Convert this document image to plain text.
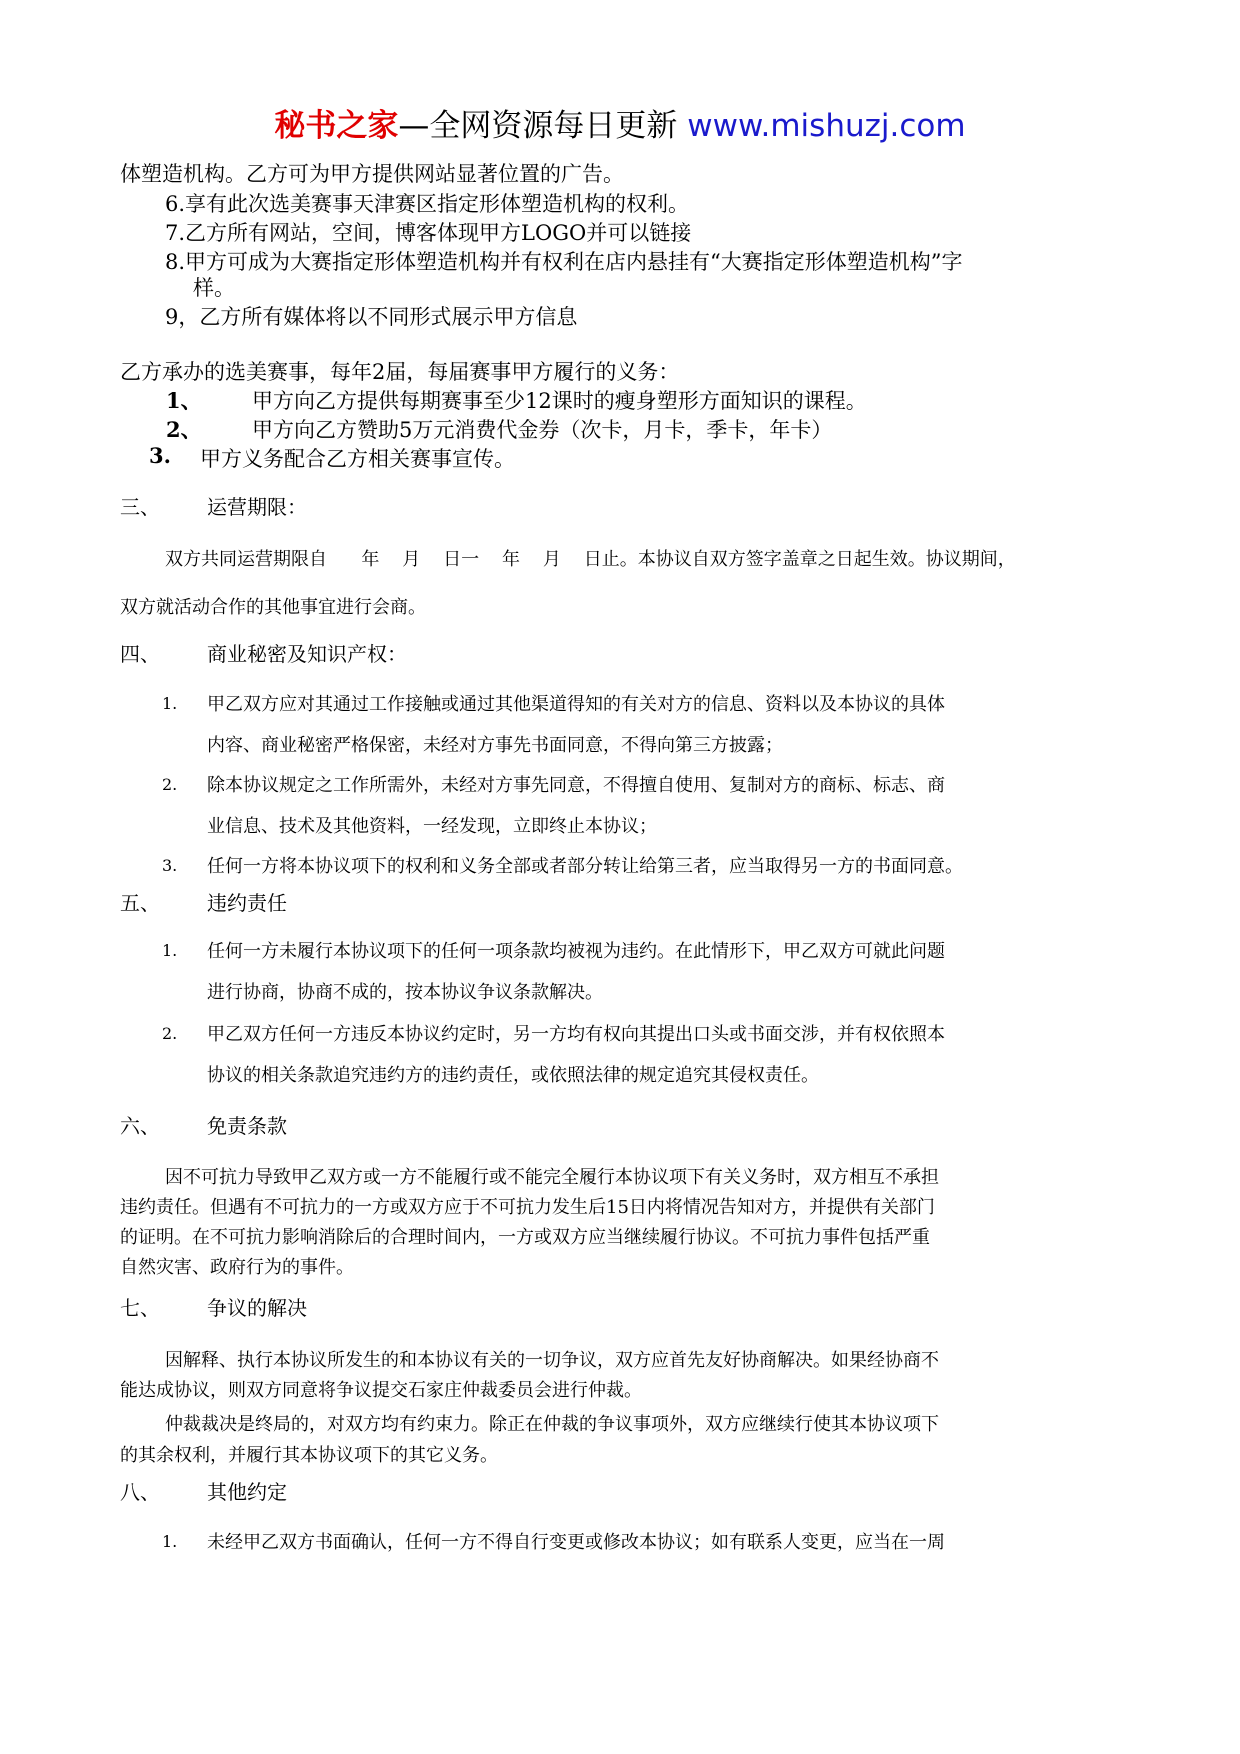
秘书之家—全网资源每日更新 www.mishuzj.com
体塑造机构。乙方可为甲方提供网站显著位置的广告。
6.享有此次选美赛事天津赛区指定形体塑造机构的权利。
7.乙方所有网站，空间，博客体现甲方LOGO并可以链接
8.甲方可成为大赛指定形体塑造机构并有权利在店内悬挂有“大赛指定形体塑造机构”字
样。
9，乙方所有媒体将以不同形式展示甲方信息
乙方承办的选美赛事，每年2届，每届赛事甲方履行的义务：
1、 甲方向乙方提供每期赛事至少12课时的瘦身塑形方面知识的课程。
2、 甲方向乙方赞助5万元消费代金券（次卡，月卡，季卡，年卡）
3. 甲方义务配合乙方相关赛事宣传。
三、 运营期限：
双方共同运营期限自      年    月    日一    年    月    日止。本协议自双方签字盖章之日起生效。协议期间，
双方就活动合作的其他事宜进行会商。
四、 商业秘密及知识产权：
1. 甲乙双方应对其通过工作接触或通过其他渠道得知的有关对方的信息、资料以及本协议的具体
内容、商业秘密严格保密，未经对方事先书面同意，不得向第三方披露；
2. 除本协议规定之工作所需外，未经对方事先同意，不得擅自使用、复制对方的商标、标志、商
业信息、技术及其他资料，一经发现，立即终止本协议；
3. 任何一方将本协议项下的权利和义务全部或者部分转让给第三者，应当取得另一方的书面同意。
五、 违约责任
1. 任何一方未履行本协议项下的任何一项条款均被视为违约。在此情形下，甲乙双方可就此问题
进行协商，协商不成的，按本协议争议条款解决。
2. 甲乙双方任何一方违反本协议约定时，另一方均有权向其提出口头或书面交涉，并有权依照本
协议的相关条款追究违约方的违约责任，或依照法律的规定追究其侵权责任。
六、 免责条款
因不可抗力导致甲乙双方或一方不能履行或不能完全履行本协议项下有关义务时，双方相互不承担
违约责任。但遇有不可抗力的一方或双方应于不可抗力发生后15日内将情况告知对方，并提供有关部门
的证明。在不可抗力影响消除后的合理时间内，一方或双方应当继续履行协议。不可抗力事件包括严重
自然灾害、政府行为的事件。
七、 争议的解决
因解释、执行本协议所发生的和本协议有关的一切争议，双方应首先友好协商解决。如果经协商不
能达成协议，则双方同意将争议提交石家庄仲裁委员会进行仲裁。
仲裁裁决是终局的，对双方均有约束力。除正在仲裁的争议事项外，双方应继续行使其本协议项下
的其余权利，并履行其本协议项下的其它义务。
八、 其他约定
1. 未经甲乙双方书面确认，任何一方不得自行变更或修改本协议；如有联系人变更，应当在一周
